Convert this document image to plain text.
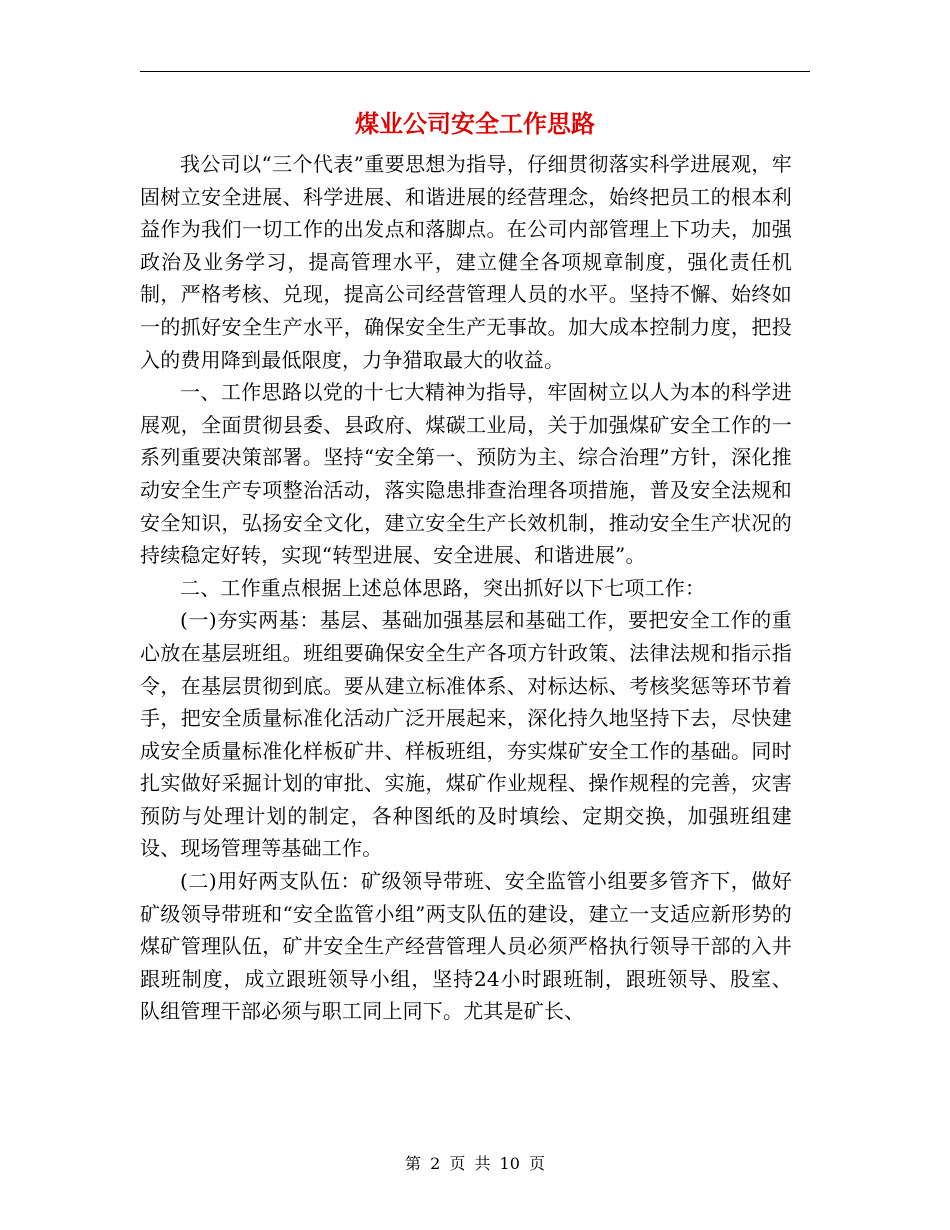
煤业公司安全工作思路

我公司以“三个代表”重要思想为指导，仔细贯彻落实科学进展观，牢固树立安全进展、科学进展、和谐进展的经营理念，始终把员工的根本利益作为我们一切工作的出发点和落脚点。在公司内部管理上下功夫，加强政治及业务学习，提高管理水平，建立健全各项规章制度，强化责任机制，严格考核、兑现，提高公司经营管理人员的水平。坚持不懈、始终如一的抓好安全生产水平，确保安全生产无事故。加大成本控制力度，把投入的费用降到最低限度，力争猎取最大的收益。

一、工作思路以党的十七大精神为指导，牢固树立以人为本的科学进展观，全面贯彻县委、县政府、煤碳工业局，关于加强煤矿安全工作的一系列重要决策部署。坚持“安全第一、预防为主、综合治理”方针，深化推动安全生产专项整治活动，落实隐患排查治理各项措施，普及安全法规和安全知识，弘扬安全文化，建立安全生产长效机制，推动安全生产状况的持续稳定好转，实现“转型进展、安全进展、和谐进展”。

二、工作重点根据上述总体思路，突出抓好以下七项工作：

(一)夯实两基：基层、基础加强基层和基础工作，要把安全工作的重心放在基层班组。班组要确保安全生产各项方针政策、法律法规和指示指令，在基层贯彻到底。要从建立标准体系、对标达标、考核奖惩等环节着手，把安全质量标准化活动广泛开展起来，深化持久地坚持下去，尽快建成安全质量标准化样板矿井、样板班组，夯实煤矿安全工作的基础。同时扎实做好采掘计划的审批、实施，煤矿作业规程、操作规程的完善，灾害预防与处理计划的制定，各种图纸的及时填绘、定期交换，加强班组建设、现场管理等基础工作。

(二)用好两支队伍：矿级领导带班、安全监管小组要多管齐下，做好矿级领导带班和“安全监管小组”两支队伍的建设，建立一支适应新形势的煤矿管理队伍，矿井安全生产经营管理人员必须严格执行领导干部的入井跟班制度，成立跟班领导小组，坚持24小时跟班制，跟班领导、股室、队组管理干部必须与职工同上同下。尤其是矿长、

第 2 页 共 10 页
